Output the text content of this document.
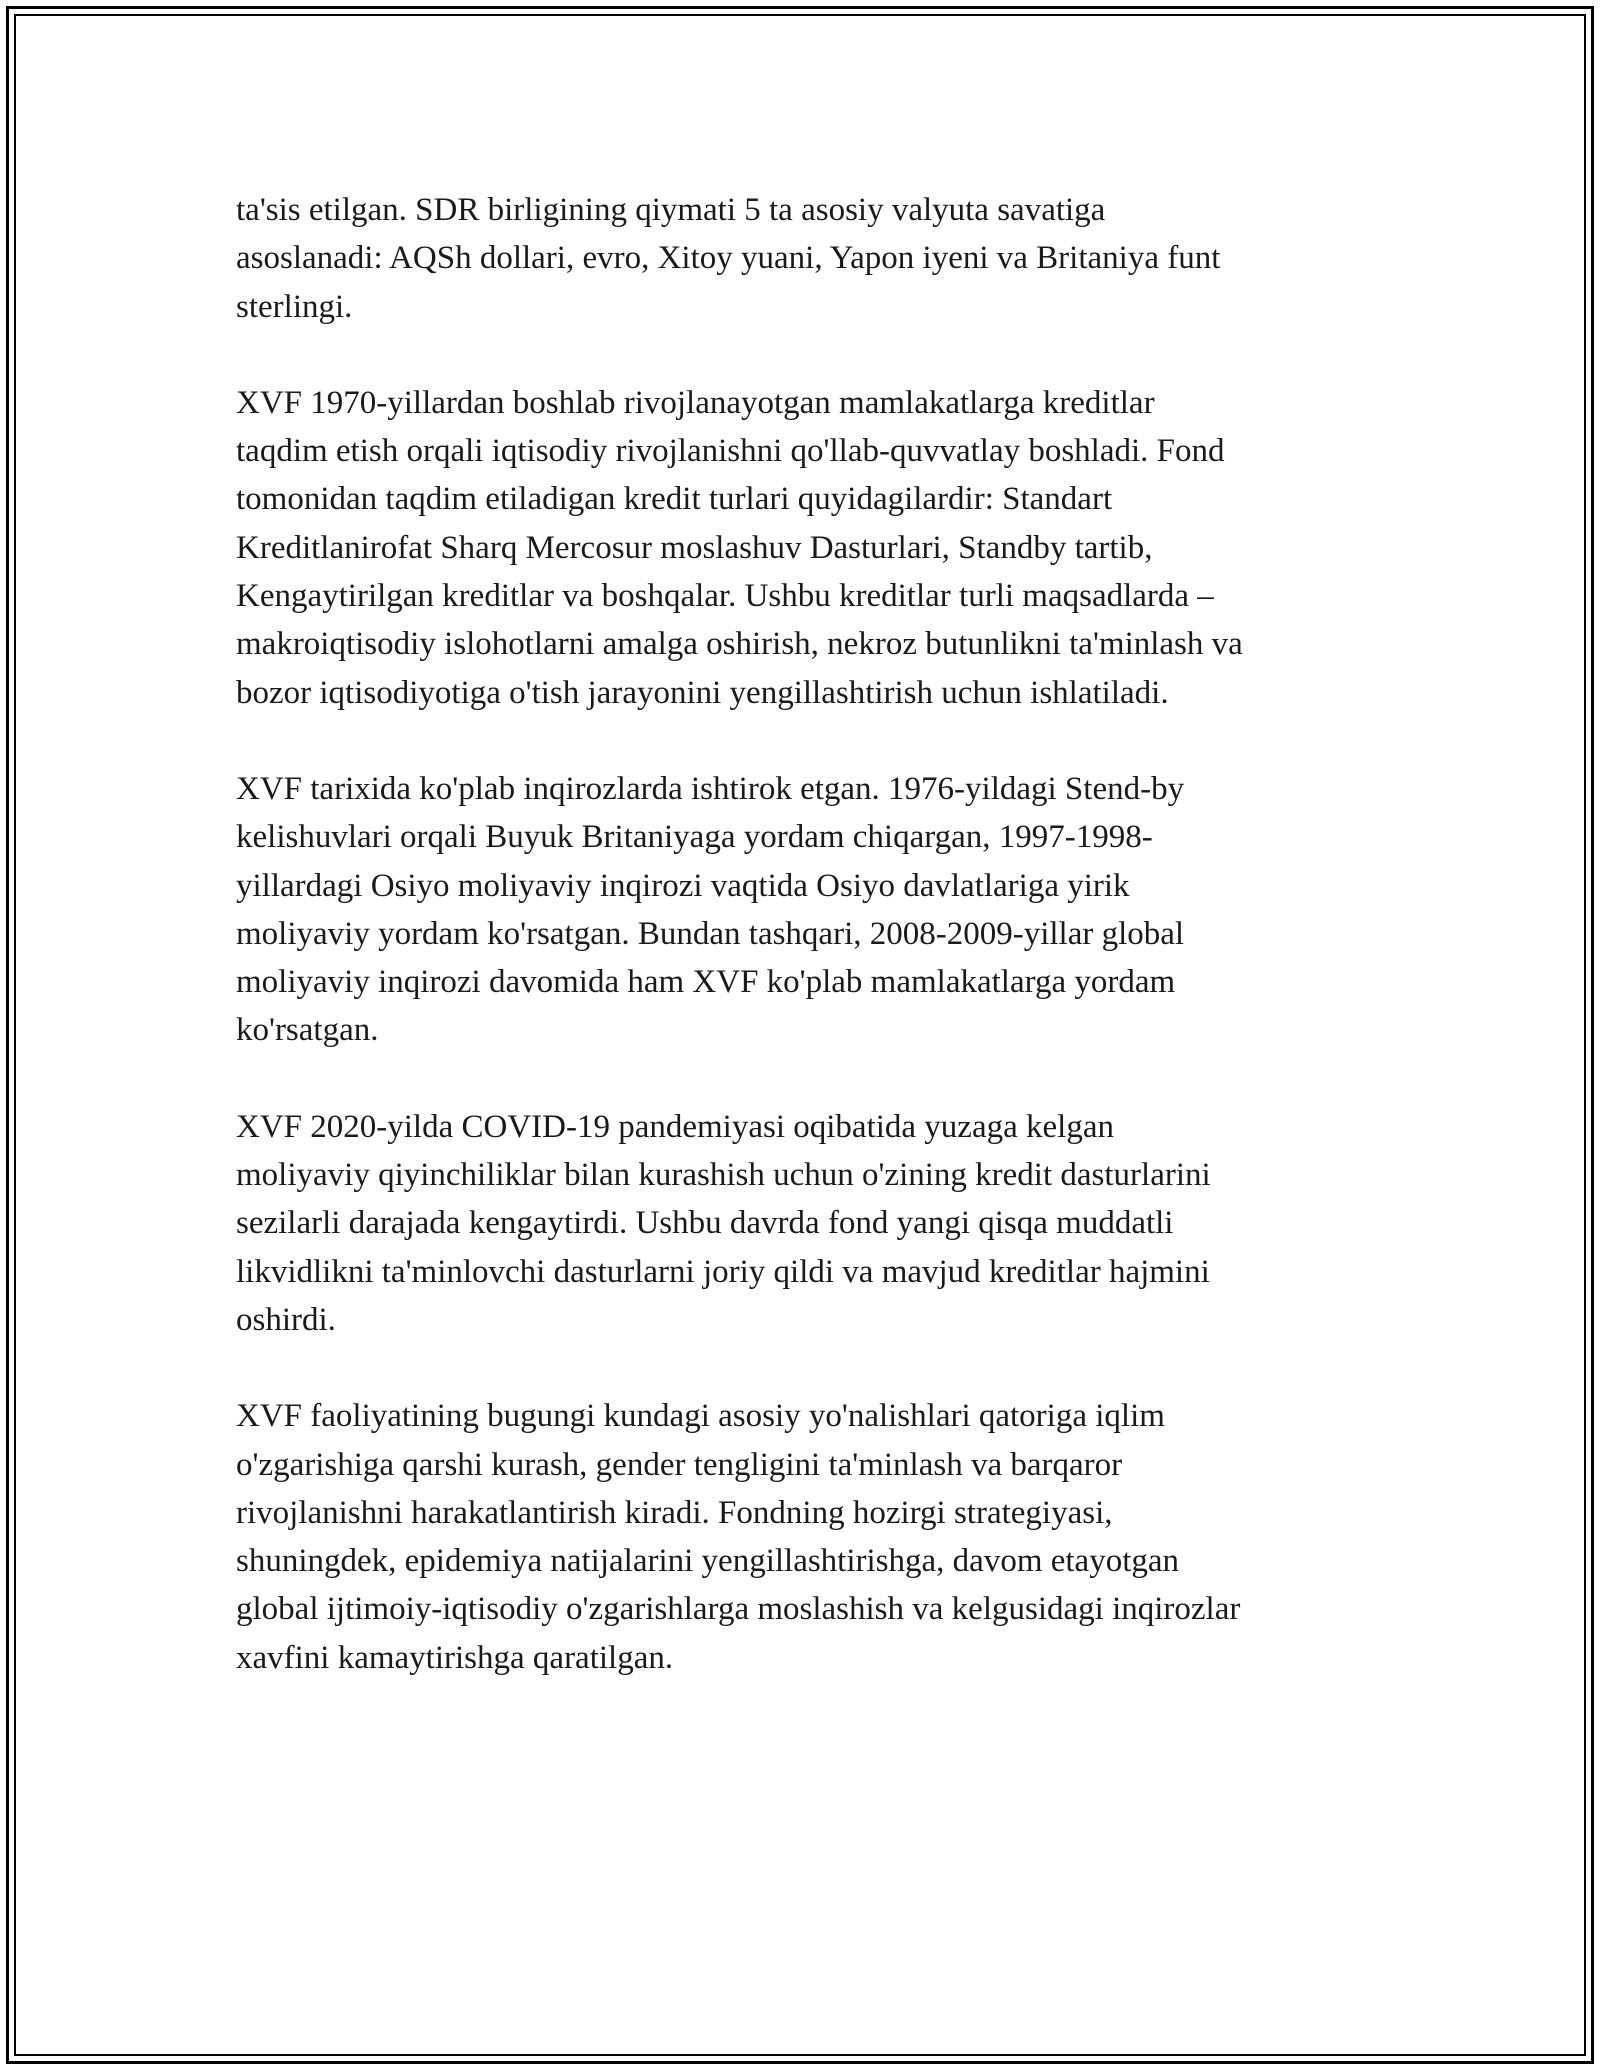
ta'sis etilgan. SDR birligining qiymati 5 ta asosiy valyuta savatiga
asoslanadi: AQSh dollari, evro, Xitoy yuani, Yapon iyeni va Britaniya funt
sterlingi.

XVF 1970-yillardan boshlab rivojlanayotgan mamlakatlarga kreditlar
taqdim etish orqali iqtisodiy rivojlanishni qo'llab-quvvatlay boshladi. Fond
tomonidan taqdim etiladigan kredit turlari quyidagilardir: Standart
Kreditlanirofat Sharq Mercosur moslashuv Dasturlari, Standby tartib,
Kengaytirilgan kreditlar va boshqalar. Ushbu kreditlar turli maqsadlarda –
makroiqtisodiy islohotlarni amalga oshirish, nekroz butunlikni ta'minlash va
bozor iqtisodiyotiga o'tish jarayonini yengillashtirish uchun ishlatiladi.

XVF tarixida ko'plab inqirozlarda ishtirok etgan. 1976-yildagi Stend-by
kelishuvlari orqali Buyuk Britaniyaga yordam chiqargan, 1997-1998-
yillardagi Osiyo moliyaviy inqirozi vaqtida Osiyo davlatlariga yirik
moliyaviy yordam ko'rsatgan. Bundan tashqari, 2008-2009-yillar global
moliyaviy inqirozi davomida ham XVF ko'plab mamlakatlarga yordam
ko'rsatgan.

XVF 2020-yilda COVID-19 pandemiyasi oqibatida yuzaga kelgan
moliyaviy qiyinchiliklar bilan kurashish uchun o'zining kredit dasturlarini
sezilarli darajada kengaytirdi. Ushbu davrda fond yangi qisqa muddatli
likvidlikni ta'minlovchi dasturlarni joriy qildi va mavjud kreditlar hajmini
oshirdi.

XVF faoliyatining bugungi kundagi asosiy yo'nalishlari qatoriga iqlim
o'zgarishiga qarshi kurash, gender tengligini ta'minlash va barqaror
rivojlanishni harakatlantirish kiradi. Fondning hozirgi strategiyasi,
shuningdek, epidemiya natijalarini yengillashtirishga, davom etayotgan
global ijtimoiy-iqtisodiy o'zgarishlarga moslashish va kelgusidagi inqirozlar
xavfini kamaytirishga qaratilgan.
